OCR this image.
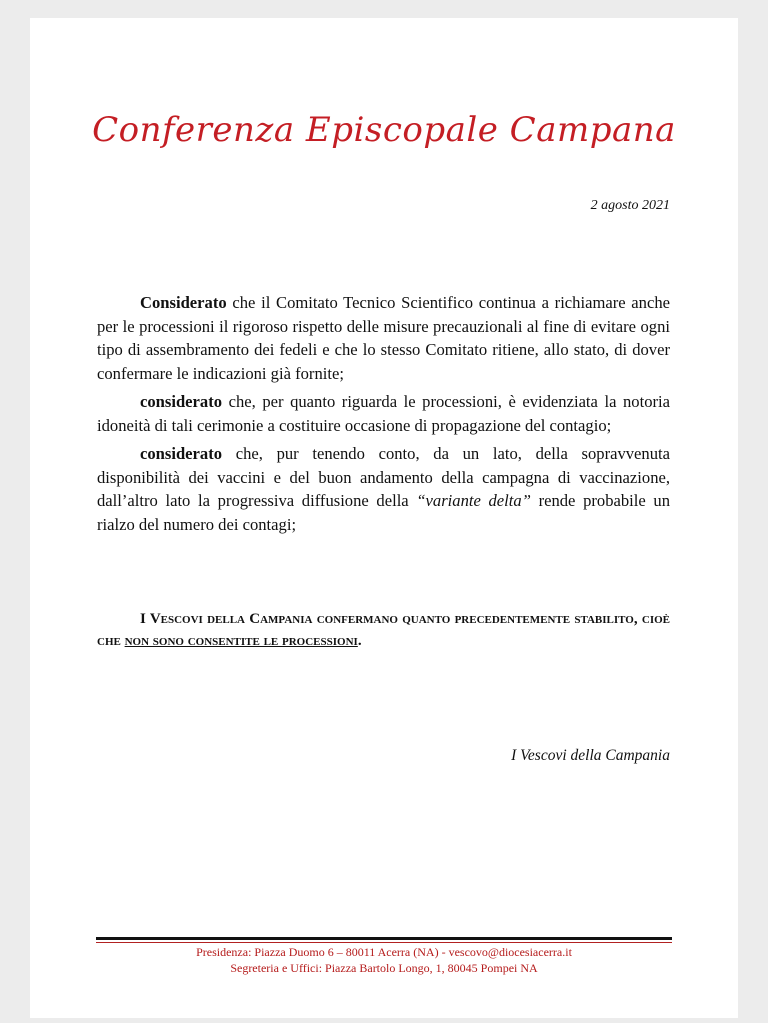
Conferenza Episcopale Campana
2 agosto 2021

Considerato che il Comitato Tecnico Scientifico continua a richiamare anche per le processioni il rigoroso rispetto delle misure precauzionali al fine di evitare ogni tipo di assembramento dei fedeli e che lo stesso Comitato ritiene, allo stato, di dover confermare le indicazioni già fornite;

considerato che, per quanto riguarda le processioni, è evidenziata la notoria idoneità di tali cerimonie a costituire occasione di propagazione del contagio;

considerato che, pur tenendo conto, da un lato, della sopravvenuta disponibilità dei vaccini e del buon andamento della campagna di vaccinazione, dall’altro lato la progressiva diffusione della “variante delta” rende probabile un rialzo del numero dei contagi;

I Vescovi della Campania confermano quanto precedentemente stabilito, cioè che non sono consentite le processioni.
I Vescovi della Campania
Presidenza: Piazza Duomo 6 – 80011 Acerra (NA) - vescovo@diocesiacerra.it
Segreteria e Uffici: Piazza Bartolo Longo, 1, 80045 Pompei NA
